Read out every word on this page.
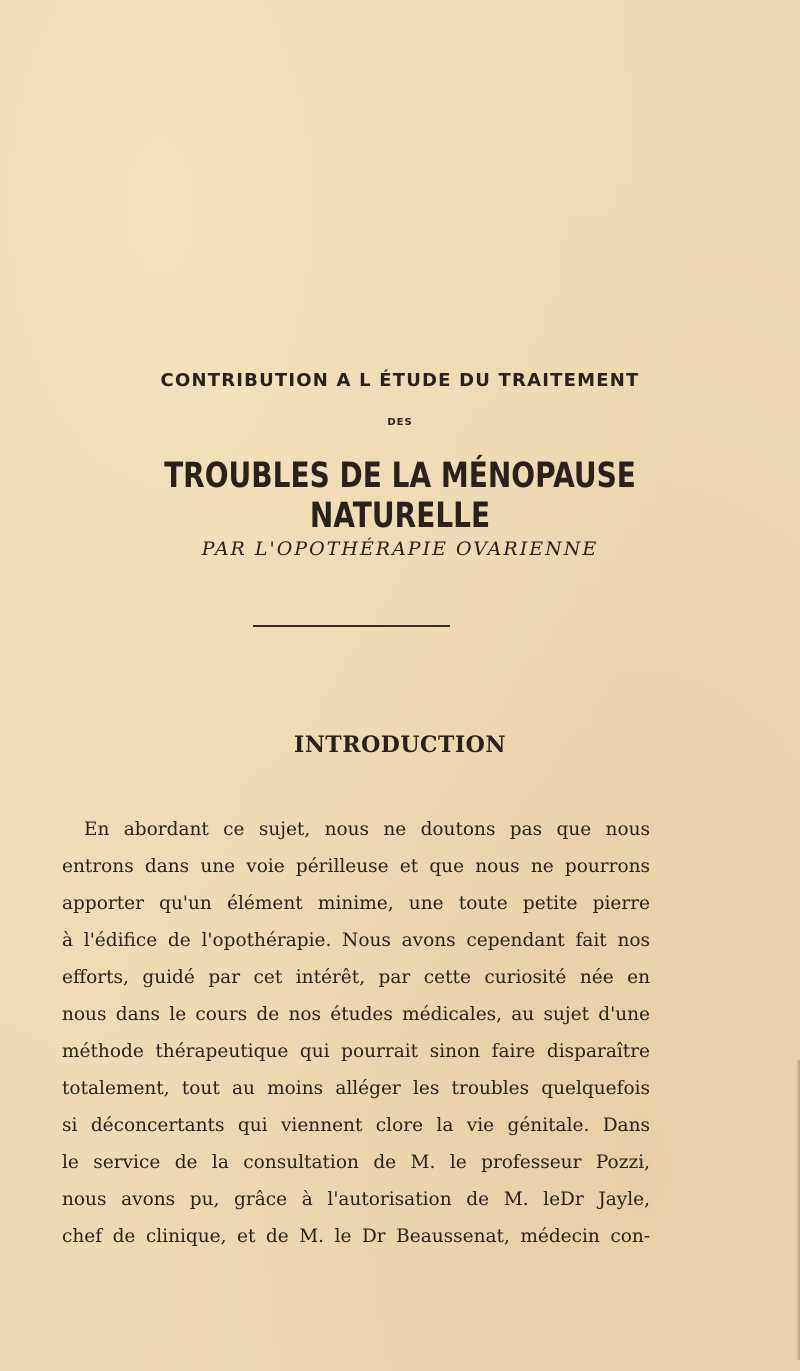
CONTRIBUTION A L ÉTUDE DU TRAITEMENT
DES
TROUBLES DE LA MÉNOPAUSE NATURELLE
PAR L'OPOTHÉRAPIE OVARIENNE
INTRODUCTION
En abordant ce sujet, nous ne doutons pas que nous
entrons dans une voie périlleuse et que nous ne pourrons
apporter qu'un élément minime, une toute petite pierre
à l'édifice de l'opothérapie. Nous avons cependant fait nos
efforts, guidé par cet intérêt, par cette curiosité née en
nous dans le cours de nos études médicales, au sujet d'une
méthode thérapeutique qui pourrait sinon faire disparaître
totalement, tout au moins alléger les troubles quelquefois
si déconcertants qui viennent clore la vie génitale. Dans
le service de la consultation de M. le professeur Pozzi,
nous avons pu, grâce à l'autorisation de M. leDr Jayle,
chef de clinique, et de M. le Dr Beaussenat, médecin con-
